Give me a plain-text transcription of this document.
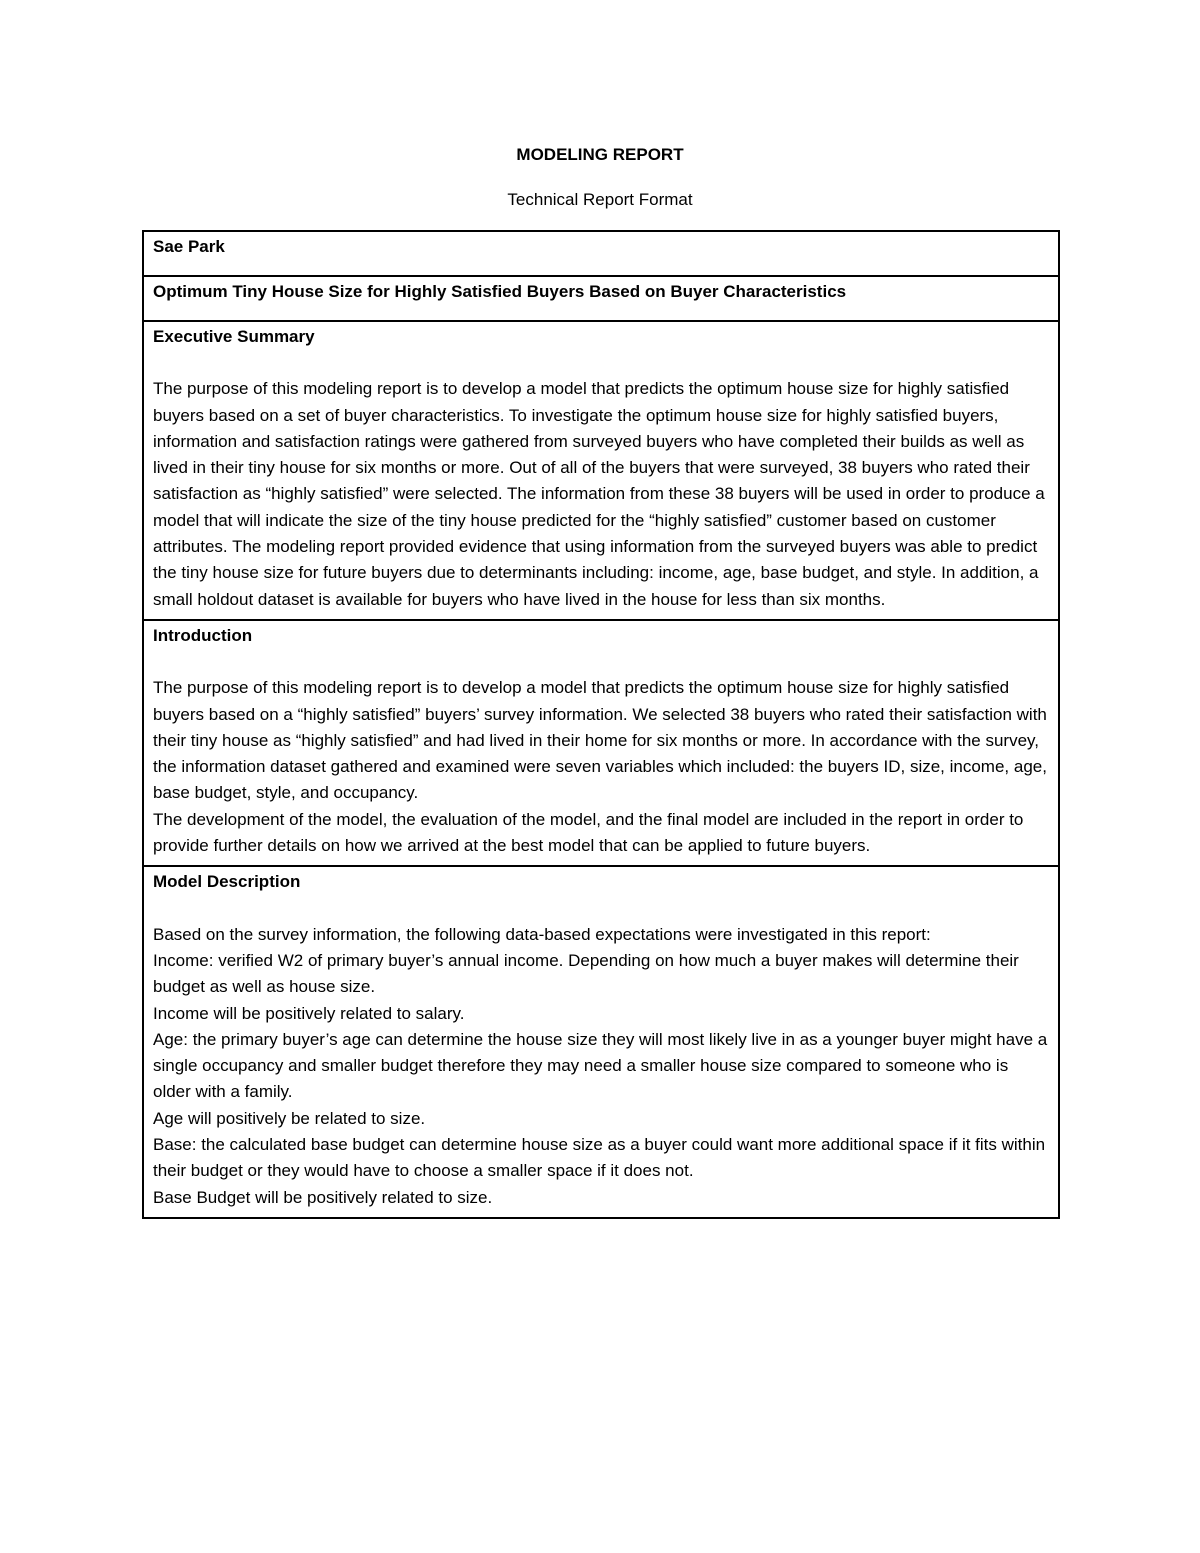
MODELING REPORT
Technical Report Format

Sae Park

Optimum Tiny House Size for Highly Satisfied Buyers Based on Buyer Characteristics

Executive Summary

The purpose of this modeling report is to develop a model that predicts the optimum house size for highly satisfied buyers based on a set of buyer characteristics. To investigate the optimum house size for highly satisfied buyers, information and satisfaction ratings were gathered from surveyed buyers who have completed their builds as well as lived in their tiny house for six months or more. Out of all of the buyers that were surveyed, 38 buyers who rated their satisfaction as “highly satisfied” were selected. The information from these 38 buyers will be used in order to produce a model that will indicate the size of the tiny house predicted for the “highly satisfied” customer based on customer attributes. The modeling report provided evidence that using information from the surveyed buyers was able to predict the tiny house size for future buyers due to determinants including: income, age, base budget, and style. In addition, a small holdout dataset is available for buyers who have lived in the house for less than six months.

Introduction

The purpose of this modeling report is to develop a model that predicts the optimum house size for highly satisfied buyers based on a “highly satisfied” buyers’ survey information. We selected 38 buyers who rated their satisfaction with their tiny house as “highly satisfied” and had lived in their home for six months or more. In accordance with the survey, the information dataset gathered and examined were seven variables which included: the buyers ID, size, income, age, base budget, style, and occupancy.

The development of the model, the evaluation of the model, and the final model are included in the report in order to provide further details on how we arrived at the best model that can be applied to future buyers.

Model Description

Based on the survey information, the following data-based expectations were investigated in this report:

Income: verified W2 of primary buyer’s annual income. Depending on how much a buyer makes will determine their budget as well as house size.

Income will be positively related to salary.

Age: the primary buyer’s age can determine the house size they will most likely live in as a younger buyer might have a single occupancy and smaller budget therefore they may need a smaller house size compared to someone who is older with a family.

Age will positively be related to size.

Base: the calculated base budget can determine house size as a buyer could want more additional space if it fits within their budget or they would have to choose a smaller space if it does not.

Base Budget will be positively related to size.
